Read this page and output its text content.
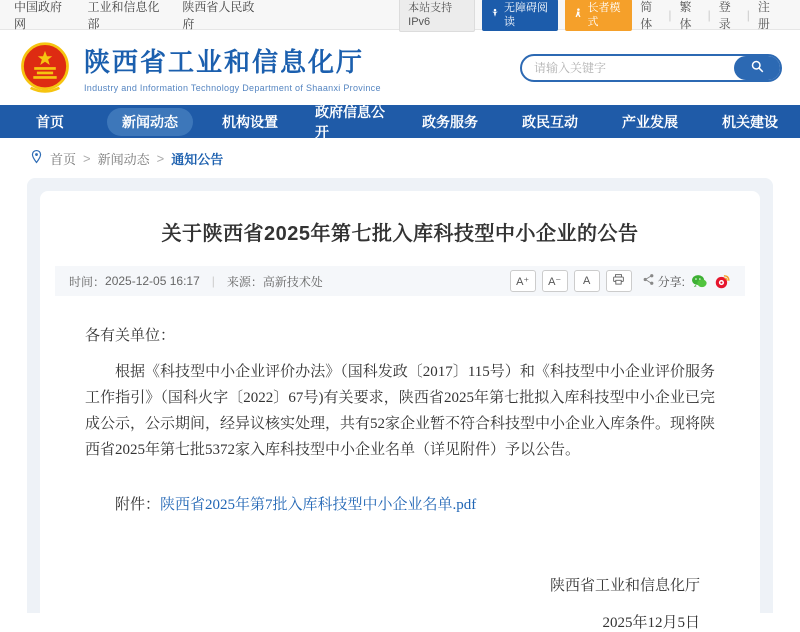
中国政府网
工业和信息化部
陕西省人民政府
本站支持IPv6
无障碍阅读
长者模式
简体
|
繁体
|
登录
|
注册
陕西省工业和信息化厅
Industry and Information Technology Department of Shaanxi Province
请输入关键字
首页	新闻动态	机构设置
政府信息公开
政务服务	政民互动	产业发展	机关建设
首页 > 新闻动态 > 通知公告
关于陕西省2025年第七批入库科技型中小企业的公告
时间： 2025-12-05 16:17 | 来源： 高新技术处	A⁺	A⁻	A	分享:
各有关单位：
根据《科技型中小企业评价办法》（国科发政〔2017〕115号）和《科技型中小企业评价服务工作指引》（国科火字〔2022〕67号)有关要求，陕西省2025年第七批拟入库科技型中小企业已完成公示，公示期间，经异议核实处理，共有52家企业暂不符合科技型中小企业入库条件。现将陕西省2025年第七批5372家入库科技型中小企业名单（详见附件）予以公告。
附件：陕西省2025年第7批入库科技型中小企业名单.pdf
陕西省工业和信息化厅
2025年12月5日
